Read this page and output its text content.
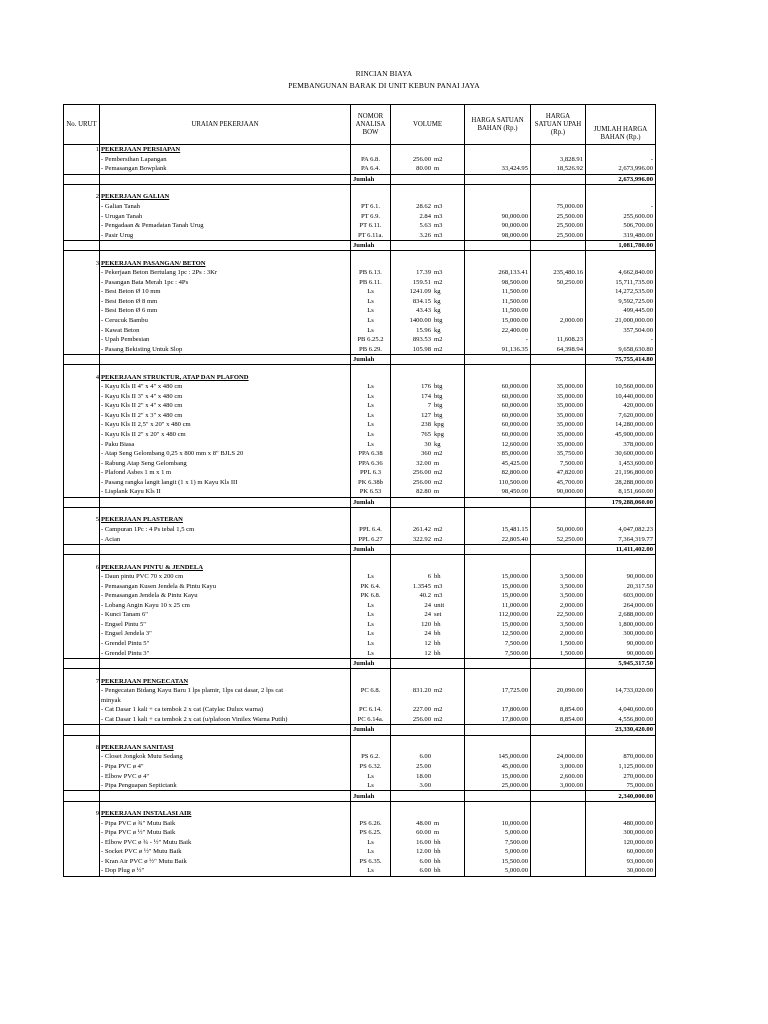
RINCIAN BIAYA
PEMBANGUNAN BARAK DI UNIT KEBUN PANAI JAYA
No. URUT	URAIAN PEKERJAAN	NOMOR ANALISA BOW	VOLUME	HARGA SATUAN BAHAN (Rp.)	HARGA SATUAN UPAH (Rp.)	JUMLAH HARGA BAHAN (Rp.)
1	PEKERJAAN PERSIAPAN					
	- Pembersihan Lapangan	PA 6.8.	256.00 m2		3,828.91	-
	- Pemasangan Bowplank	PA 6.4.	80.00 m	33,424.95	18,526.92	2,673,996.00
		Jumlah				2,673,996.00

2	PEKERJAAN GALIAN					
	- Galian Tanah	PT 6.1.	28.62 m3		75,000.00	-
	- Urugan Tanah	PT 6.9.	2.84 m3	90,000.00	25,500.00	255,600.00
	- Pengadaan & Pemadatan Tanah Urug	PT 6.11.	5.63 m3	90,000.00	25,500.00	506,700.00
	- Pasir Urug	PT 6.11a.	3.26 m3	98,000.00	25,500.00	319,480.00
		Jumlah				1,081,780.00

3	PEKERJAAN PASANGAN/ BETON					
	- Pekerjaan Beton Bertulang 1pc : 2Ps : 3Kr	PB 6.13.	17.39 m3	268,133.41	235,480.16	4,662,840.00
	- Pasangan Bata Merah 1pc : 4Ps	PB 6.11.	159.51 m2	98,500.00	50,250.00	15,711,735.00
	- Besi Beton Ø 10 mm	Ls	1241.09 kg	11,500.00		14,272,535.00
	- Besi Beton Ø 8 mm	Ls	834.15 kg	11,500.00		9,592,725.00
	- Besi Beton Ø 6 mm	Ls	43.43 kg	11,500.00		499,445.00
	- Cerucuk Bambu	Ls	1400.00 btg	15,000.00	2,000.00	21,000,000.00
	- Kawat Beton	Ls	15.96 kg	22,400.00		357,504.00
	- Upah Pembesian	PB 6.25.2	893.53 m2	-	11,608.23	-
	- Pasang Bekisting Untuk Slop	PB 6.29.	105.98 m2	91,136.35	64,398.94	9,658,630.80
		Jumlah				75,755,414.80

4	PEKERJAAN STRUKTUR, ATAP DAN PLAFOND					
	- Kayu Kls II 4" x 4" x 480 cm	Ls	176 btg	60,000.00	35,000.00	10,560,000.00
	- Kayu Kls II 3" x 4" x 480 cm	Ls	174 btg	60,000.00	35,000.00	10,440,000.00
	- Kayu Kls II 2" x 4" x 480 cm	Ls	7 btg	60,000.00	35,000.00	420,000.00
	- Kayu Kls II 2" x 3" x 480 cm	Ls	127 btg	60,000.00	35,000.00	7,620,000.00
	- Kayu Kls II 2,5" x 20" x 480 cm	Ls	238 kpg	60,000.00	35,000.00	14,280,000.00
	- Kayu Kls II 2" x 20" x 480 cm	Ls	765 kpg	60,000.00	35,000.00	45,900,000.00
	- Paku Biasa	Ls	30 kg	12,600.00	35,000.00	378,000.00
	- Atap Seng Gelombang 0,25 x 800 mm x 8" BJLS 20	PPA 6.38	360 m2	85,000.00	35,750.00	30,600,000.00
	- Rabung Atap Seng Gelombang	PPA 6.36	32.00 m	45,425.00	7,500.00	1,453,600.00
	- Plafond Asbes 1 m x 1 m	PPL 6.3	256.00 m2	82,800.00	47,820.00	21,196,800.00
	- Pasang rangka langit langit (1 x 1) m Kayu Kls III	PK 6.38b	256.00 m2	110,500.00	45,700.00	28,288,000.00
	- Lisplank Kayu Kls II	PK 6.53	82.80 m	98,450.00	90,000.00	8,151,660.00
		Jumlah				179,288,060.00

5	PEKERJAAN PLASTERAN					
	- Campuran 1Pc : 4 Ps tebal 1,5 cm	PPL 6.4.	261.42 m2	15,481.15	50,000.00	4,047,082.23
	- Acian	PPL 6.27	322.92 m2	22,805.40	52,250.00	7,364,319.77
		Jumlah				11,411,402.00

6	PEKERJAAN PINTU & JENDELA					
	- Daun pintu PVC 70 x 200 cm	Ls	6 bh	15,000.00	3,500.00	90,000.00
	- Pemasangan Kusen Jendela & Pintu Kayu	PK 6.4.	1.3545 m3	15,000.00	3,500.00	20,317.50
	- Pemasangan Jendela & Pintu Kayu	PK 6.8.	40.2 m3	15,000.00	3,500.00	603,000.00
	- Lobang Angin Kayu 10 x 25 cm	Ls	24 unit	11,000.00	2,000.00	264,000.00
	- Kunci Tanam 6"	Ls	24 set	112,000.00	22,500.00	2,688,000.00
	- Engsel Pintu 5"	Ls	120 bh	15,000.00	3,500.00	1,800,000.00
	- Engsel Jendela 3"	Ls	24 bh	12,500.00	2,000.00	300,000.00
	- Grendel Pintu 5"	Ls	12 bh	7,500.00	1,500.00	90,000.00
	- Grendel Pintu 3"	Ls	12 bh	7,500.00	1,500.00	90,000.00
		Jumlah				5,945,317.50

7	PEKERJAAN PENGECATAN					
	- Pengecatan Bidang Kayu Baru 1 lps plamir, 1lps cat dasar, 2 lps cat	PC 6.8.	831.20 m2	17,725.00	20,090.00	14,733,020.00
	minyak					
	- Cat Dasar 1 kali + ca tembok 2 x cat (Catylac Dulux warna)	PC 6.14.	227.00 m2	17,800.00	8,854.00	4,040,600.00
	- Cat Dasar 1 kali + ca tembok 2 x cat (u/plafoon Vinilex Warna Putih)	PC 6.14a.	256.00 m2	17,800.00	8,854.00	4,556,800.00
		Jumlah				23,330,420.00

8	PEKERJAAN SANITASI					
	- Closet Jongkok Mutu Sedang	PS 6.2.	6.00	145,000.00	24,000.00	870,000.00
	- Pipa PVC ø 4"	PS 6.32.	25.00	45,000.00	3,000.00	1,125,000.00
	- Elbow PVC ø 4"	Ls	18.00	15,000.00	2,600.00	270,000.00
	- Pipa Penguapan Septictank	Ls	3.00	25,000.00	3,000.00	75,000.00
		Jumlah				2,340,000.00

9	PEKERJAAN INSTALASI AIR					
	- Pipa PVC ø ¾" Mutu Baik	PS 6.26.	48.00 m	10,000.00		480,000.00
	- Pipa PVC ø ½" Mutu Baik	PS 6.25.	60.00 m	5,000.00		300,000.00
	- Elbow PVC ø ¾ - ½" Mutu Baik	Ls	16.00 bh	7,500.00		120,000.00
	- Socket PVC ø ½" Mutu Baik	Ls	12.00 bh	5,000.00		60,000.00
	- Kran Air PVC ø ½" Mutu Baik	PS 6.35.	6.00 bh	15,500.00		93,000.00
	- Dop Plug ø ½"	Ls	6.00 bh	5,000.00		30,000.00
